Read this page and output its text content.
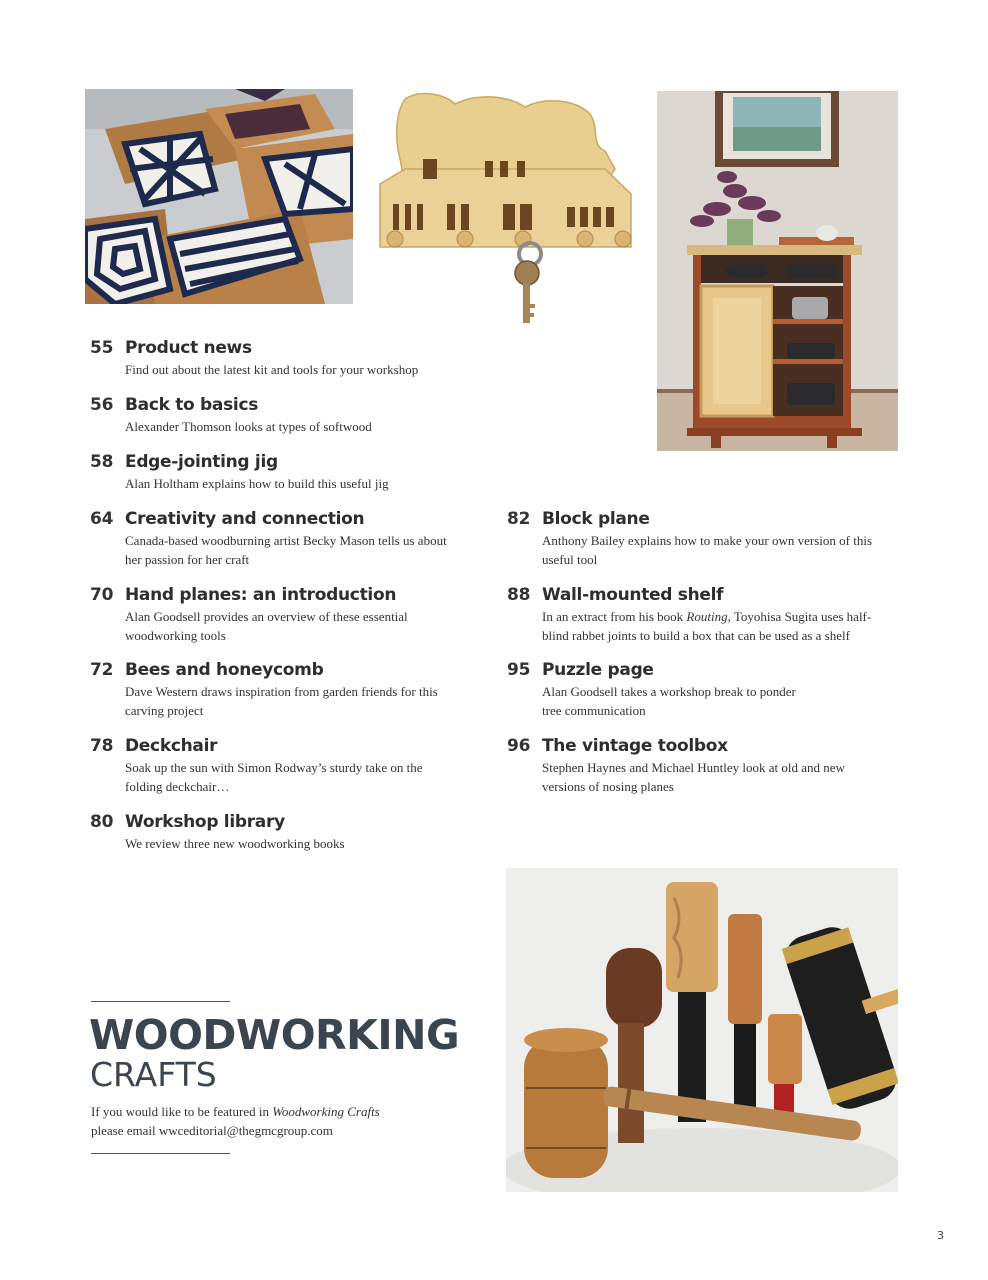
55 Product news
Find out about the latest kit and tools for your workshop
56 Back to basics
Alexander Thomson looks at types of softwood
58 Edge-jointing jig
Alan Holtham explains how to build this useful jig
64 Creativity and connection
Canada-based woodburning artist Becky Mason tells us about
her passion for her craft
70 Hand planes: an introduction
Alan Goodsell provides an overview of these essential
woodworking tools
72 Bees and honeycomb
Dave Western draws inspiration from garden friends for this
carving project
78 Deckchair
Soak up the sun with Simon Rodway’s sturdy take on the
folding deckchair…
80 Workshop library
We review three new woodworking books
82 Block plane
Anthony Bailey explains how to make your own version of this
useful tool
88 Wall-mounted shelf
In an extract from his book Routing, Toyohisa Sugita uses half-
blind rabbet joints to build a box that can be used as a shelf
95 Puzzle page
Alan Goodsell takes a workshop break to ponder
tree communication
96 The vintage toolbox
Stephen Haynes and Michael Huntley look at old and new
versions of nosing planes
WOODWORKING
CRAFTS
If you would like to be featured in Woodworking Crafts
please email wwceditorial@thegmcgroup.com
3
